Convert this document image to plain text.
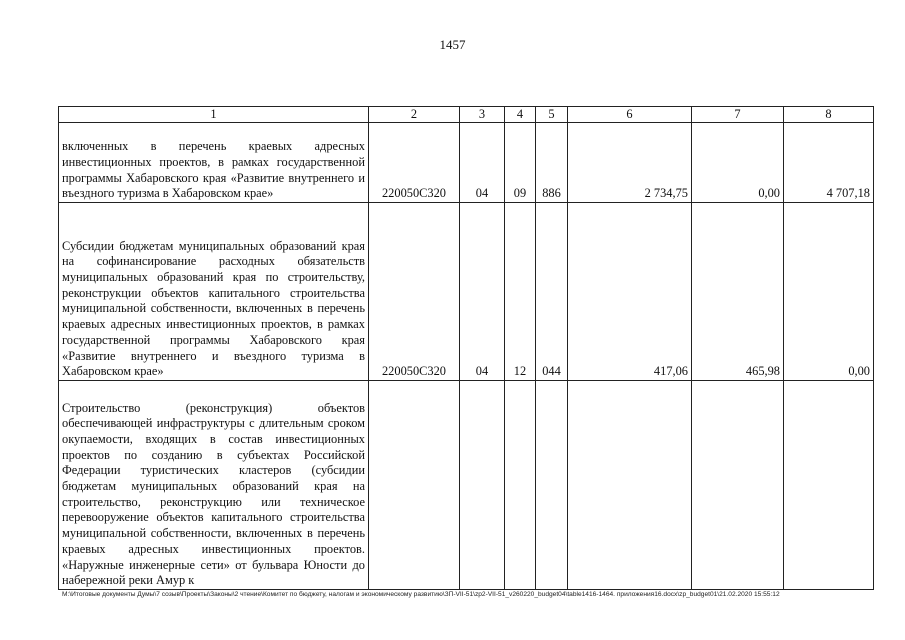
1457
1	2	3	4	5	6	7	8
включенных в перечень краевых адресных инвестиционных проектов, в рамках государственной программы Хабаровского края «Развитие внутреннего и въездного туризма в Хабаровском крае»	220050C320	04	09	886	2 734,75	0,00	4 707,18
Субсидии бюджетам муниципальных образований края на софинансирование расходных обязательств муниципальных образований края по строительству, реконструкции объектов капитального строительства муниципальной собственности, включенных в перечень краевых адресных инвестиционных проектов, в рамках государственной программы Хабаровского края «Развитие внутреннего и въездного туризма в Хабаровском крае»	220050C320	04	12	044	417,06	465,98	0,00
Строительство (реконструкция) объектов обеспечивающей инфраструктуры с длительным сроком окупаемости, входящих в состав инвестиционных проектов по созданию в субъектах Российской Федерации туристических кластеров (субсидии бюджетам муниципальных образований края на строительство, реконструкцию или техническое перевооружение объектов капитального строительства муниципальной собственности, включенных в перечень краевых адресных инвестиционных проектов. «Наружные инженерные сети» от бульвара Юности до набережной реки Амур к							
M:\Итоговые документы Думы\7 созыв\Проекты\Законы\2 чтение\Комитет по бюджету, налогам и экономическому развитию\ЗП-VII-51\zp2-VII-51_v260220_budget04\table1416-1464. приложения16.docx\zp_budget01\21.02.2020 15:55:12
